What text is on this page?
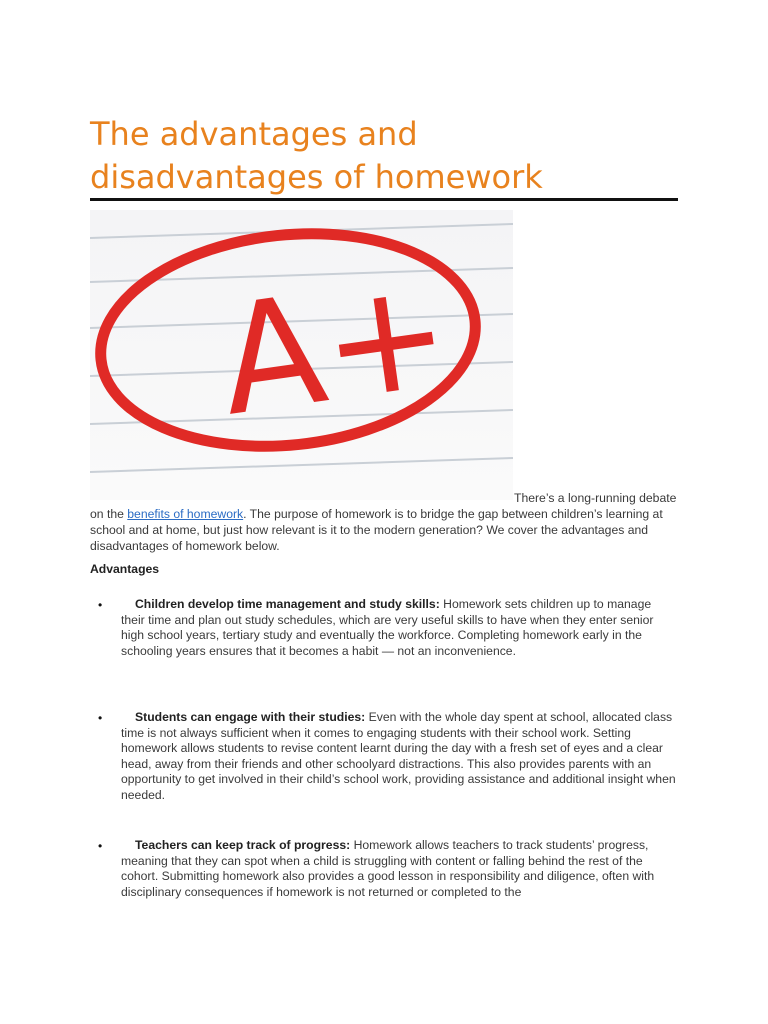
The advantages and disadvantages of homework
A+

There’s a long-running debate on the benefits of homework. The purpose of homework is to bridge the gap between children’s learning at school and at home, but just how relevant is it to the modern generation? We cover the advantages and disadvantages of homework below.

Advantages
•	Children develop time management and study skills: Homework sets children up to manage their time and plan out study schedules, which are very useful skills to have when they enter senior high school years, tertiary study and eventually the workforce. Completing homework early in the schooling years ensures that it becomes a habit — not an inconvenience.

•	Students can engage with their studies: Even with the whole day spent at school, allocated class time is not always sufficient when it comes to engaging students with their school work. Setting homework allows students to revise content learnt during the day with a fresh set of eyes and a clear head, away from their friends and other schoolyard distractions. This also provides parents with an opportunity to get involved in their child’s school work, providing assistance and additional insight when needed.

•	Teachers can keep track of progress: Homework allows teachers to track students’ progress, meaning that they can spot when a child is struggling with content or falling behind the rest of the cohort. Submitting homework also provides a good lesson in responsibility and diligence, often with disciplinary consequences if homework is not returned or completed to the
